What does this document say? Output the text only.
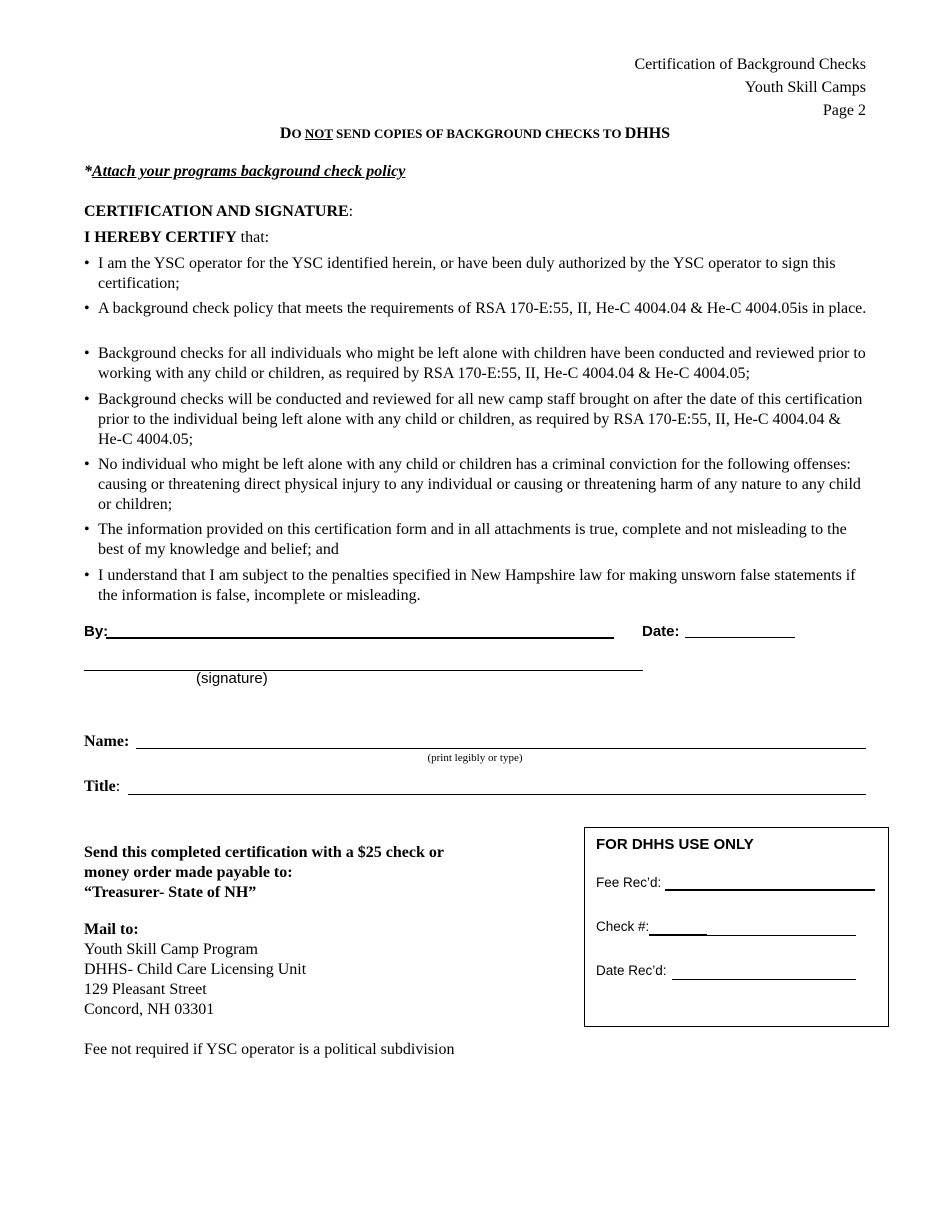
Certification of Background Checks
Youth Skill Camps
Page 2
DO NOT SEND COPIES OF BACKGROUND CHECKS TO DHHS
*Attach your programs background check policy
CERTIFICATION AND SIGNATURE:
I HEREBY CERTIFY that:
• I am the YSC operator for the YSC identified herein, or have been duly authorized by the YSC operator to sign this certification;
• A background check policy that meets the requirements of RSA 170-E:55, II, He-C 4004.04 & He-C 4004.05is in place.
• Background checks for all individuals who might be left alone with children have been conducted and reviewed prior to working with any child or children, as required by RSA 170-E:55, II, He-C 4004.04 & He-C 4004.05;
• Background checks will be conducted and reviewed for all new camp staff brought on after the date of this certification prior to the individual being left alone with any child or children, as required by RSA 170-E:55, II, He-C 4004.04 & He-C 4004.05;
• No individual who might be left alone with any child or children has a criminal conviction for the following offenses: causing or threatening direct physical injury to any individual or causing or threatening harm of any nature to any child or children;
• The information provided on this certification form and in all attachments is true, complete and not misleading to the best of my knowledge and belief; and
• I understand that I am subject to the penalties specified in New Hampshire law for making unsworn false statements if the information is false, incomplete or misleading.
By:	Date:
(signature)
Name:
(print legibly or type)
Title:
Send this completed certification with a $25 check or
money order made payable to:
“Treasurer- State of NH”
Mail to:
Youth Skill Camp Program
DHHS- Child Care Licensing Unit
129 Pleasant Street
Concord, NH 03301
Fee not required if YSC operator is a political subdivision
FOR DHHS USE ONLY
Fee Rec’d:
Check #:
Date Rec’d:
